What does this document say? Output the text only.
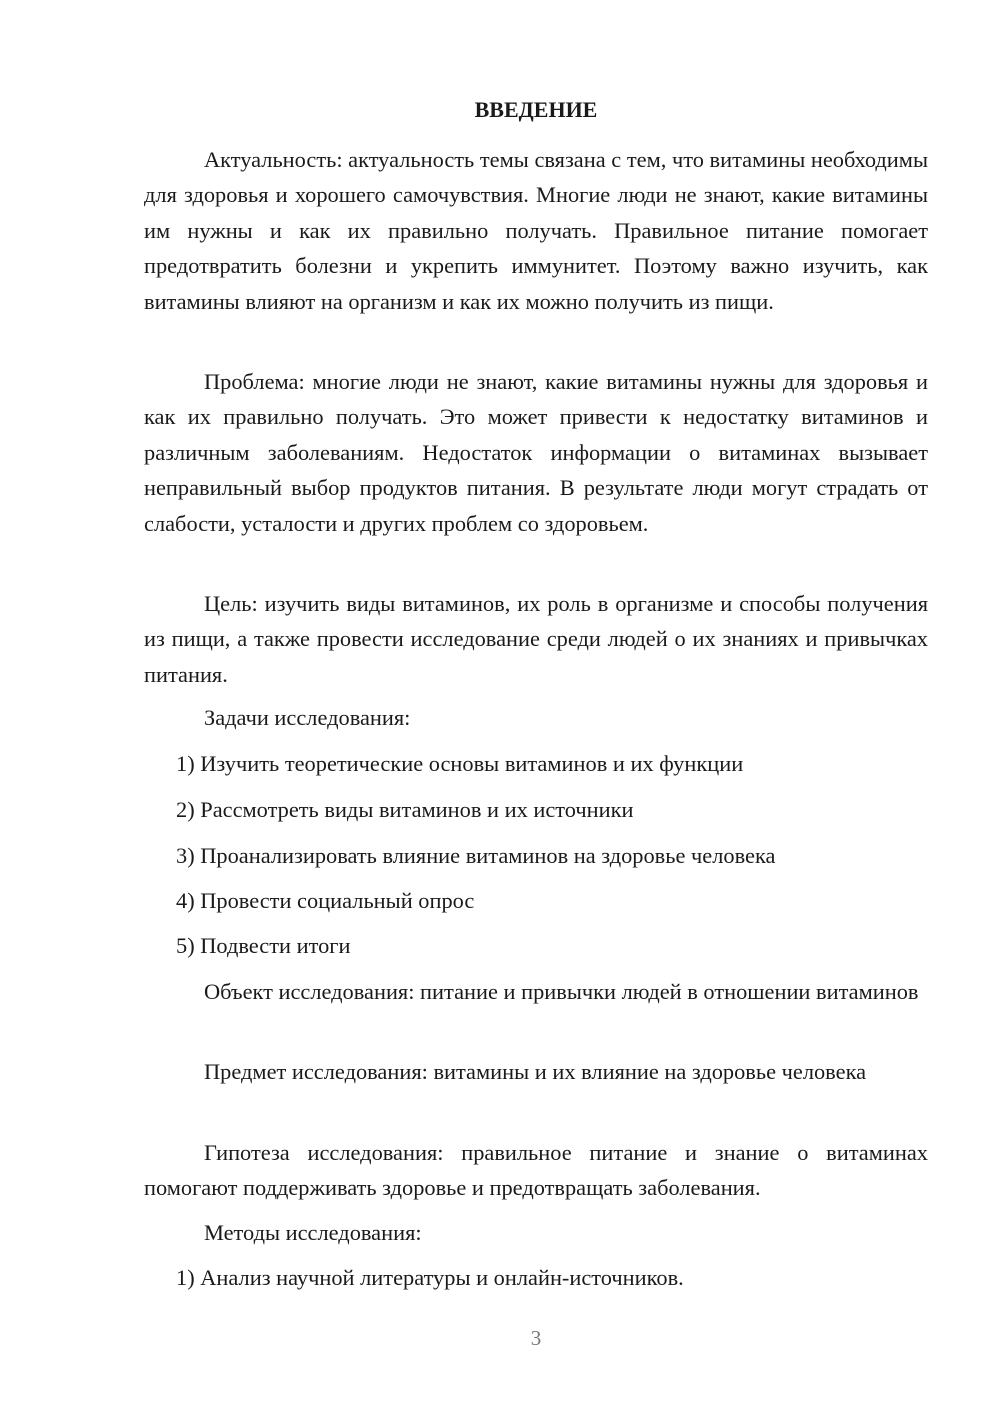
ВВЕДЕНИЕ

Актуальность: актуальность темы связана с тем, что витамины необходимы для здоровья и хорошего самочувствия. Многие люди не знают, какие витамины им нужны и как их правильно получать. Правильное питание помогает предотвратить болезни и укрепить иммунитет. Поэтому важно изучить, как витамины влияют на организм и как их можно получить из пищи.

Проблема: многие люди не знают, какие витамины нужны для здоровья и как их правильно получать. Это может привести к недостатку витаминов и различным заболеваниям. Недостаток информации о витаминах вызывает неправильный выбор продуктов питания. В результате люди могут страдать от слабости, усталости и других проблем со здоровьем.

Цель: изучить виды витаминов, их роль в организме и способы получения из пищи, а также провести исследование среди людей о их знаниях и привычках питания.

Задачи исследования:

1) Изучить теоретические основы витаминов и их функции

2) Рассмотреть виды витаминов и их источники

3) Проанализировать влияние витаминов на здоровье человека

4) Провести социальный опрос

5) Подвести итоги

Объект исследования: питание и привычки людей в отношении витаминов

Предмет исследования: витамины и их влияние на здоровье человека

Гипотеза исследования: правильное питание и знание о витаминах помогают поддерживать здоровье и предотвращать заболевания.

Методы исследования:

1) Анализ научной литературы и онлайн-источников.

3
